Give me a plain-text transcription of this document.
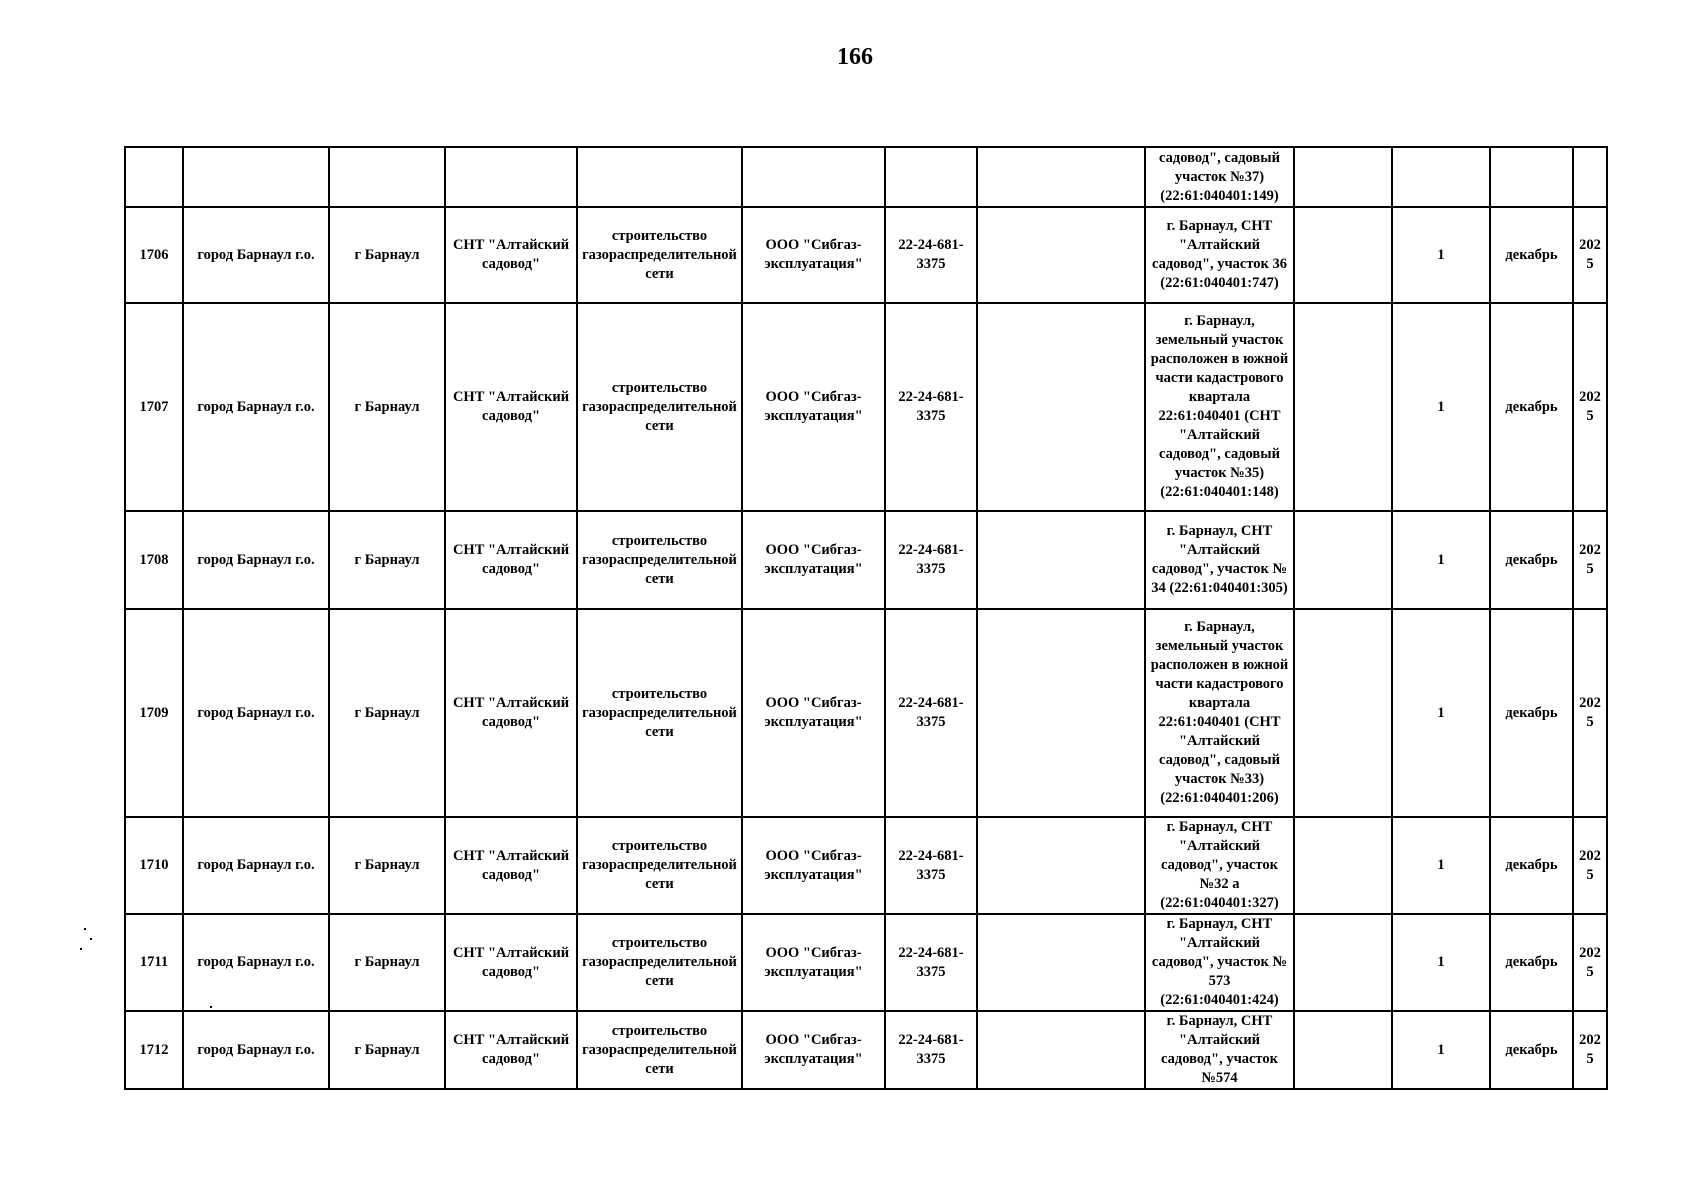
166
								садовод", садовый участок №37) (22:61:040401:149)				
1706	город Барнаул г.о.	г Барнаул	СНТ "Алтайский садовод"	строительство газораспределительной сети	ООО "Сибгаз-эксплуатация"	22-24-681-3375		г. Барнаул, СНТ "Алтайский садовод", участок 36 (22:61:040401:747)		1	декабрь	2025
1707	город Барнаул г.о.	г Барнаул	СНТ "Алтайский садовод"	строительство газораспределительной сети	ООО "Сибгаз-эксплуатация"	22-24-681-3375		г. Барнаул, земельный участок расположен в южной части кадастрового квартала 22:61:040401 (СНТ "Алтайский садовод", садовый участок №35) (22:61:040401:148)		1	декабрь	2025
1708	город Барнаул г.о.	г Барнаул	СНТ "Алтайский садовод"	строительство газораспределительной сети	ООО "Сибгаз-эксплуатация"	22-24-681-3375		г. Барнаул, СНТ "Алтайский садовод", участок № 34 (22:61:040401:305)		1	декабрь	2025
1709	город Барнаул г.о.	г Барнаул	СНТ "Алтайский садовод"	строительство газораспределительной сети	ООО "Сибгаз-эксплуатация"	22-24-681-3375		г. Барнаул, земельный участок расположен в южной части кадастрового квартала 22:61:040401 (СНТ "Алтайский садовод", садовый участок №33) (22:61:040401:206)		1	декабрь	2025
1710	город Барнаул г.о.	г Барнаул	СНТ "Алтайский садовод"	строительство газораспределительной сети	ООО "Сибгаз-эксплуатация"	22-24-681-3375		г. Барнаул, СНТ "Алтайский садовод", участок №32 а (22:61:040401:327)		1	декабрь	2025
1711	город Барнаул г.о.	г Барнаул	СНТ "Алтайский садовод"	строительство газораспределительной сети	ООО "Сибгаз-эксплуатация"	22-24-681-3375		г. Барнаул, СНТ "Алтайский садовод", участок № 573 (22:61:040401:424)		1	декабрь	2025
1712	город Барнаул г.о.	г Барнаул	СНТ "Алтайский садовод"	строительство газораспределительной сети	ООО "Сибгаз-эксплуатация"	22-24-681-3375		г. Барнаул, СНТ "Алтайский садовод", участок №574		1	декабрь	2025
